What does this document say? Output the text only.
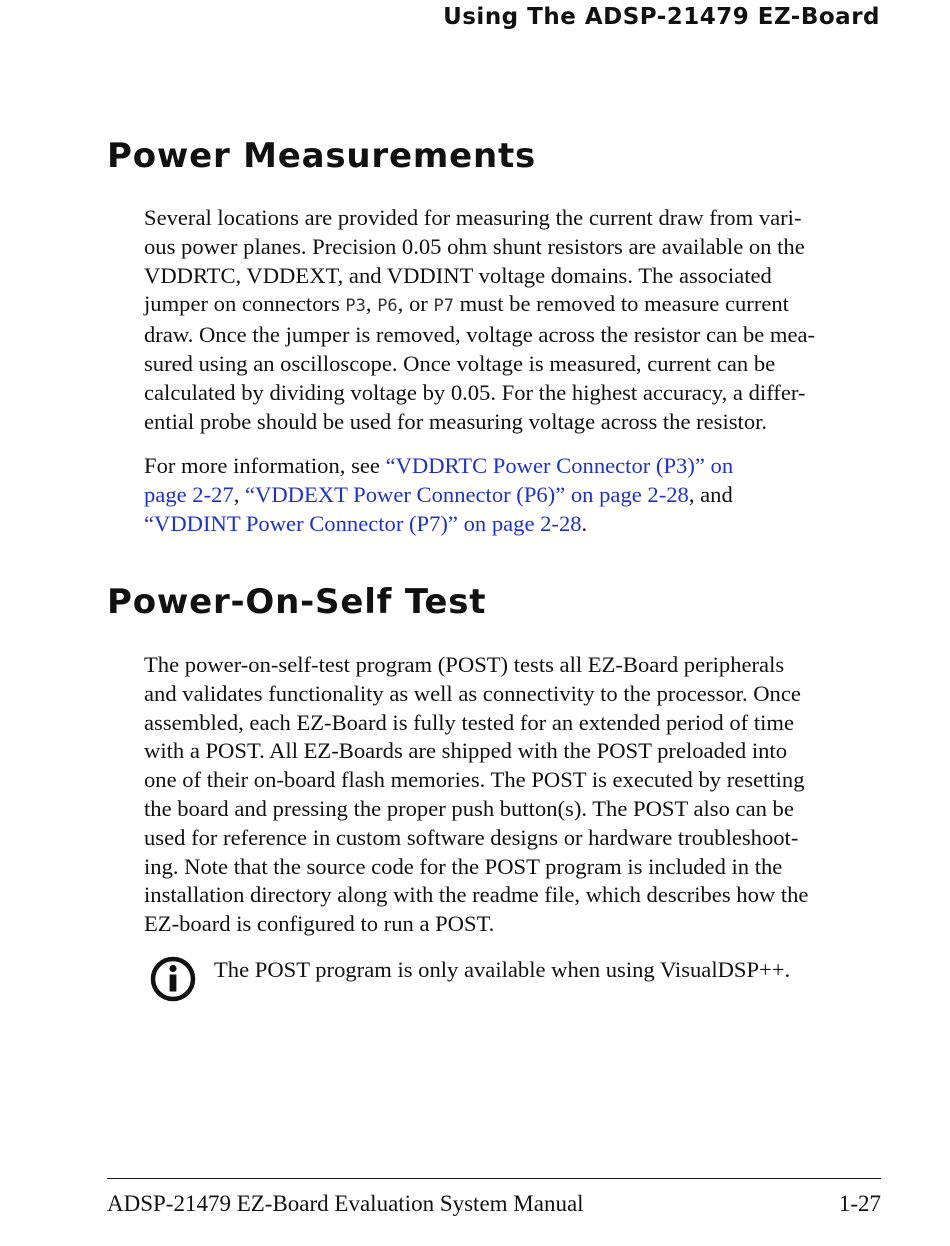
Using The ADSP-21479 EZ-Board
Power Measurements

Several locations are provided for measuring the current draw from vari-
ous power planes. Precision 0.05 ohm shunt resistors are available on the
VDDRTC, VDDEXT, and VDDINT voltage domains. The associated
jumper on connectors P3, P6, or P7 must be removed to measure current
draw. Once the jumper is removed, voltage across the resistor can be mea-
sured using an oscilloscope. Once voltage is measured, current can be
calculated by dividing voltage by 0.05. For the highest accuracy, a differ-
ential probe should be used for measuring voltage across the resistor.

For more information, see “VDDRTC Power Connector (P3)” on
page 2-27, “VDDEXT Power Connector (P6)” on page 2-28, and
“VDDINT Power Connector (P7)” on page 2-28.

Power-On-Self Test

The power-on-self-test program (POST) tests all EZ-Board peripherals
and validates functionality as well as connectivity to the processor. Once
assembled, each EZ-Board is fully tested for an extended period of time
with a POST. All EZ-Boards are shipped with the POST preloaded into
one of their on-board flash memories. The POST is executed by resetting
the board and pressing the proper push button(s). The POST also can be
used for reference in custom software designs or hardware troubleshoot-
ing. Note that the source code for the POST program is included in the
installation directory along with the readme file, which describes how the
EZ-board is configured to run a POST.

The POST program is only available when using VisualDSP++.

ADSP-21479 EZ-Board Evaluation System Manual	1-27
